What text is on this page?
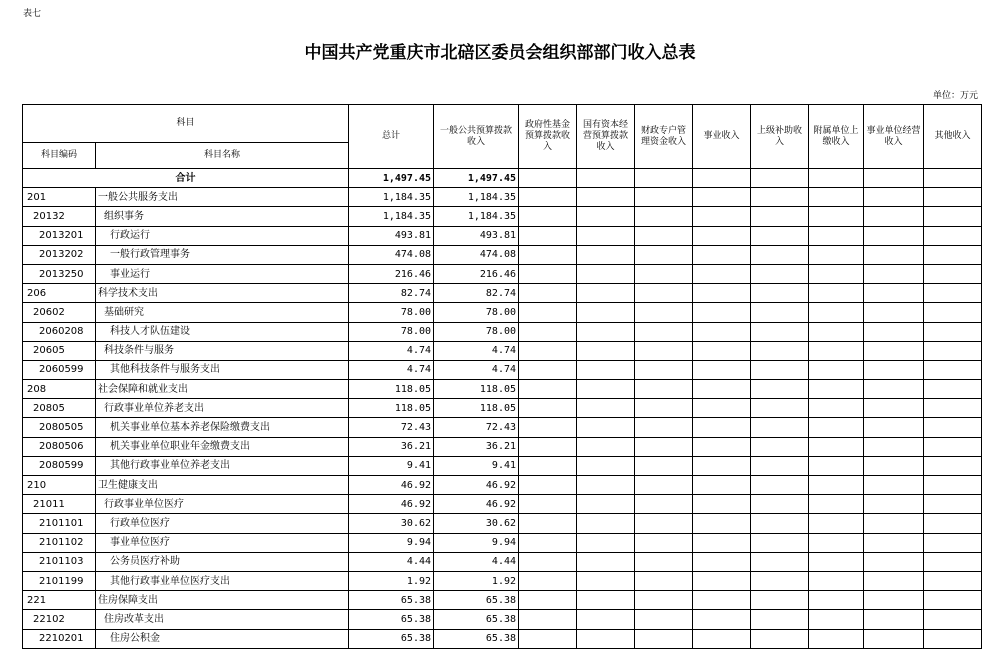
表七
中国共产党重庆市北碚区委员会组织部部门收入总表
单位：万元
科目		总计	一般公共预算拨款收入	政府性基金预算拨款收入	国有资本经营预算拨款收入	财政专户管理资金收入	事业收入	上级补助收入	附属单位上缴收入	事业单位经营收入	其他收入
科目编码	科目名称										
合计		1,497.45	1,497.45								
201	一般公共服务支出	1,184.35	1,184.35								
20132	组织事务	1,184.35	1,184.35								
2013201	行政运行	493.81	493.81								
2013202	一般行政管理事务	474.08	474.08								
2013250	事业运行	216.46	216.46								
206	科学技术支出	82.74	82.74								
20602	基础研究	78.00	78.00								
2060208	科技人才队伍建设	78.00	78.00								
20605	科技条件与服务	4.74	4.74								
2060599	其他科技条件与服务支出	4.74	4.74								
208	社会保障和就业支出	118.05	118.05								
20805	行政事业单位养老支出	118.05	118.05								
2080505	机关事业单位基本养老保险缴费支出	72.43	72.43								
2080506	机关事业单位职业年金缴费支出	36.21	36.21								
2080599	其他行政事业单位养老支出	9.41	9.41								
210	卫生健康支出	46.92	46.92								
21011	行政事业单位医疗	46.92	46.92								
2101101	行政单位医疗	30.62	30.62								
2101102	事业单位医疗	9.94	9.94								
2101103	公务员医疗补助	4.44	4.44								
2101199	其他行政事业单位医疗支出	1.92	1.92								
221	住房保障支出	65.38	65.38								
22102	住房改革支出	65.38	65.38								
2210201	住房公积金	65.38	65.38								
